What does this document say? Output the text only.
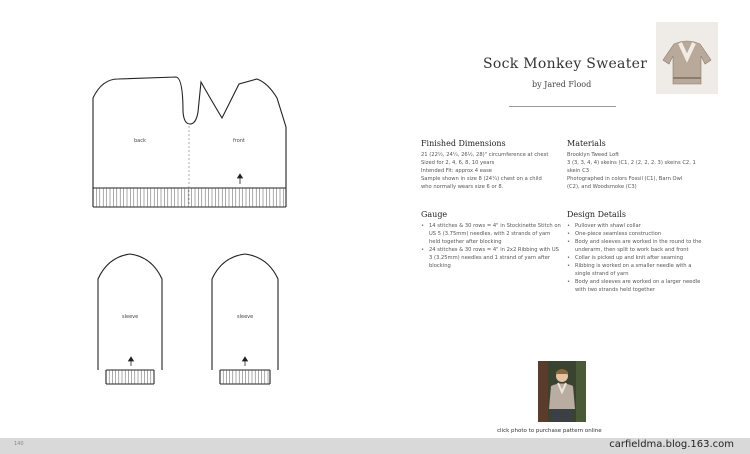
back	front
sleeve	sleeve
Sock Monkey Sweater
by Jared Flood
Finished Dimensions
21 (22½, 24¼, 26½, 28)" circumference at chest
Sized for 2, 4, 6, 8, 10 years
Intended Fit: approx 4 ease
Sample shown in size 8 (24¼) chest on a child
who normally wears size 6 or 8.
Materials
Brooklyn Tweed Loft
3 (3, 3, 4, 4) skeins (C1, 2 (2, 2, 2, 3) skeins C2, 1
skein C3
Photographed in colors Fossil (C1), Barn Owl
(C2), and Woodsmoke (C3)
Gauge
• 14 stitches & 30 rows = 4" in Stockinette Stitch on US 5 (3.75mm) needles, with 2 strands of yarn held together after blocking
• 24 stitches & 30 rows = 4" in 2x2 Ribbing with US 3 (3.25mm) needles and 1 strand of yarn after blocking
Design Details
• Pullover with shawl collar
• One-piece seamless construction
• Body and sleeves are worked in the round to the underarm, then split to work back and front
• Collar is picked up and knit after seaming
• Ribbing is worked on a smaller needle with a single strand of yarn
• Body and sleeves are worked on a larger needle with two strands held together
click photo to purchase pattern online
140	carfieldma.blog.163.com
